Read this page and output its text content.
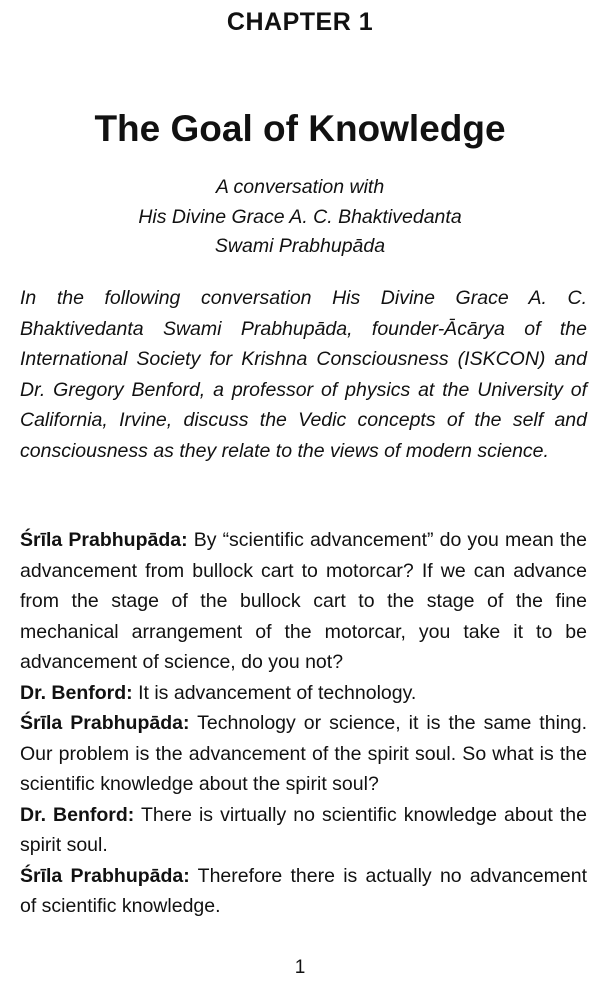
CHAPTER 1
The Goal of Knowledge
A conversation with
His Divine Grace A. C. Bhaktivedanta
Swami Prabhupāda

In the following conversation His Divine Grace A. C. Bhaktivedanta Swami Prabhupāda, founder-Ācārya of the International Society for Krishna Consciousness (ISKCON) and Dr. Gregory Benford, a professor of physics at the University of California, Irvine, discuss the Vedic concepts of the self and consciousness as they relate to the views of modern science.

Śrīla Prabhupāda: By “scientific advancement” do you mean the advancement from bullock cart to motorcar? If we can advance from the stage of the bullock cart to the stage of the fine mechanical arrangement of the motorcar, you take it to be advancement of science, do you not?

Dr. Benford: It is advancement of technology.

Śrīla Prabhupāda: Technology or science, it is the same thing. Our problem is the advancement of the spirit soul. So what is the scientific knowledge about the spirit soul?

Dr. Benford: There is virtually no scientific knowledge about the spirit soul.

Śrīla Prabhupāda: Therefore there is actually no advancement of scientific knowledge.

1
